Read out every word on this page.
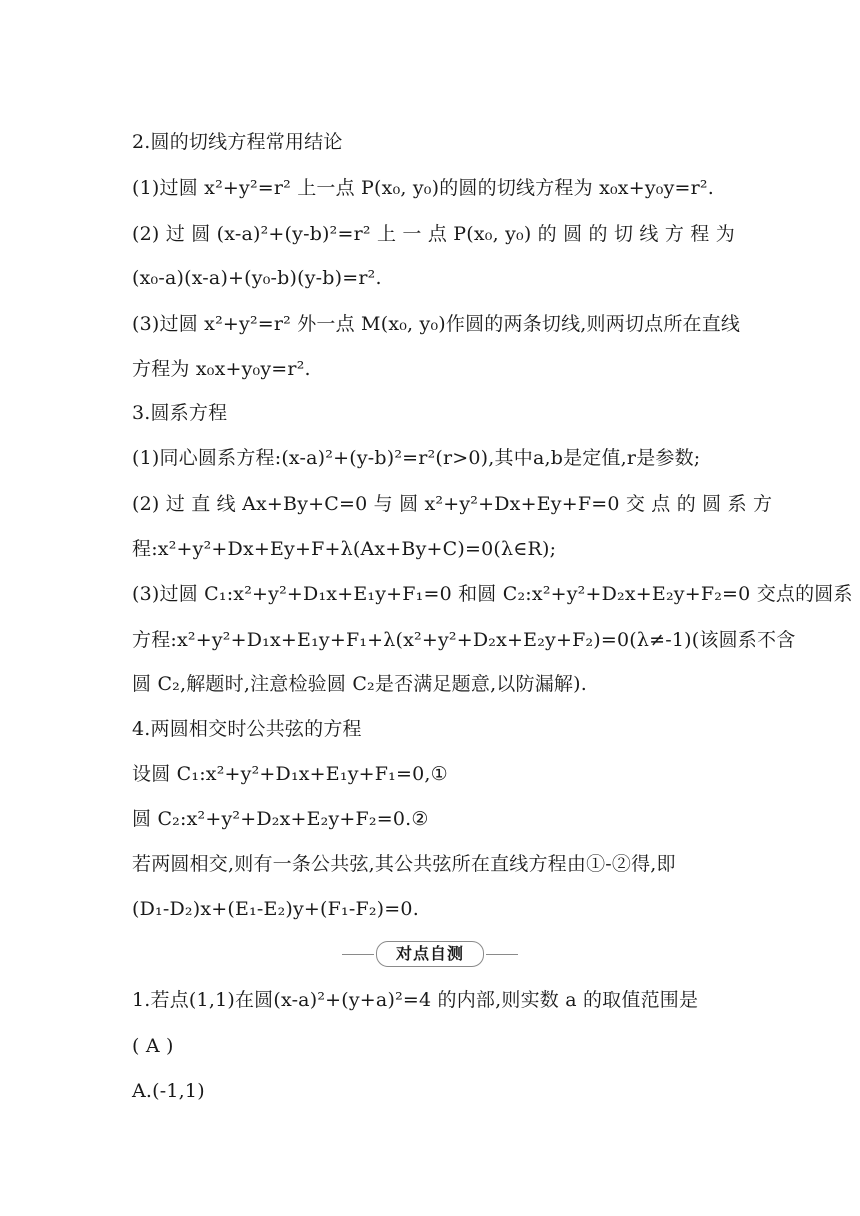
2.圆的切线方程常用结论
(1)过圆 x²+y²=r² 上一点 P(x₀, y₀)的圆的切线方程为 x₀x+y₀y=r².
(2) 过 圆 (x-a)²+(y-b)²=r² 上 一 点 P(x₀, y₀) 的 圆 的 切 线 方 程 为
(x₀-a)(x-a)+(y₀-b)(y-b)=r².
(3)过圆 x²+y²=r² 外一点 M(x₀, y₀)作圆的两条切线,则两切点所在直线
方程为 x₀x+y₀y=r².
3.圆系方程
(1)同心圆系方程:(x-a)²+(y-b)²=r²(r>0),其中a,b是定值,r是参数;
(2) 过 直 线 Ax+By+C=0 与 圆 x²+y²+Dx+Ey+F=0 交 点 的 圆 系 方
程:x²+y²+Dx+Ey+F+λ(Ax+By+C)=0(λ∈R);
(3)过圆 C₁:x²+y²+D₁x+E₁y+F₁=0 和圆 C₂:x²+y²+D₂x+E₂y+F₂=0 交点的圆系
方程:x²+y²+D₁x+E₁y+F₁+λ(x²+y²+D₂x+E₂y+F₂)=0(λ≠-1)(该圆系不含
圆 C₂,解题时,注意检验圆 C₂是否满足题意,以防漏解).
4.两圆相交时公共弦的方程
设圆 C₁:x²+y²+D₁x+E₁y+F₁=0,①
圆 C₂:x²+y²+D₂x+E₂y+F₂=0.②
若两圆相交,则有一条公共弦,其公共弦所在直线方程由①-②得,即
(D₁-D₂)x+(E₁-E₂)y+(F₁-F₂)=0.
对点自测
1.若点(1,1)在圆(x-a)²+(y+a)²=4 的内部,则实数 a 的取值范围是
( A )
A.(-1,1)
